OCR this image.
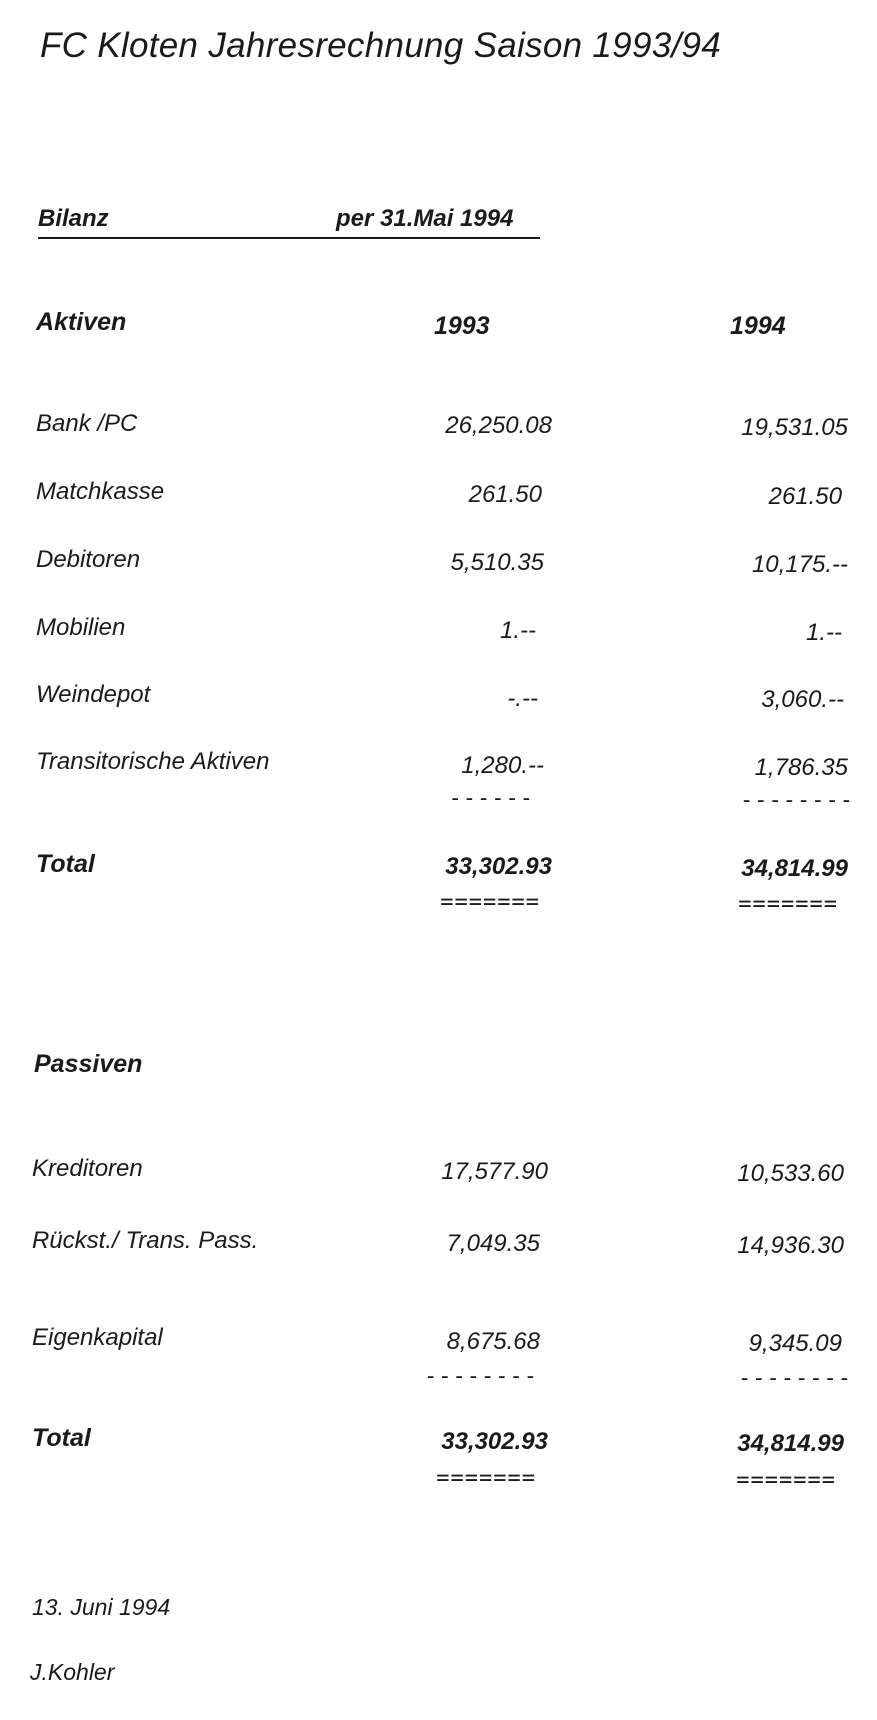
FC Kloten Jahresrechnung Saison 1993/94
Bilanz	per 31.Mai 1994
Aktiven	1993	1994
Bank /PC	26,250.08	19,531.05
Matchkasse	261.50	261.50
Debitoren	5,510.35	10,175.--
Mobilien	1.--	1.--
Weindepot	-.--	3,060.--
Transitorische Aktiven	1,280.--	1,786.35
------	--------
Total	33,302.93	34,814.99
=======	=======
Passiven
Kreditoren	17,577.90	10,533.60
Rückst./ Trans. Pass.	7,049.35	14,936.30
Eigenkapital	8,675.68	9,345.09
--------	--------
Total	33,302.93	34,814.99
=======	=======
13. Juni 1994
J.Kohler
